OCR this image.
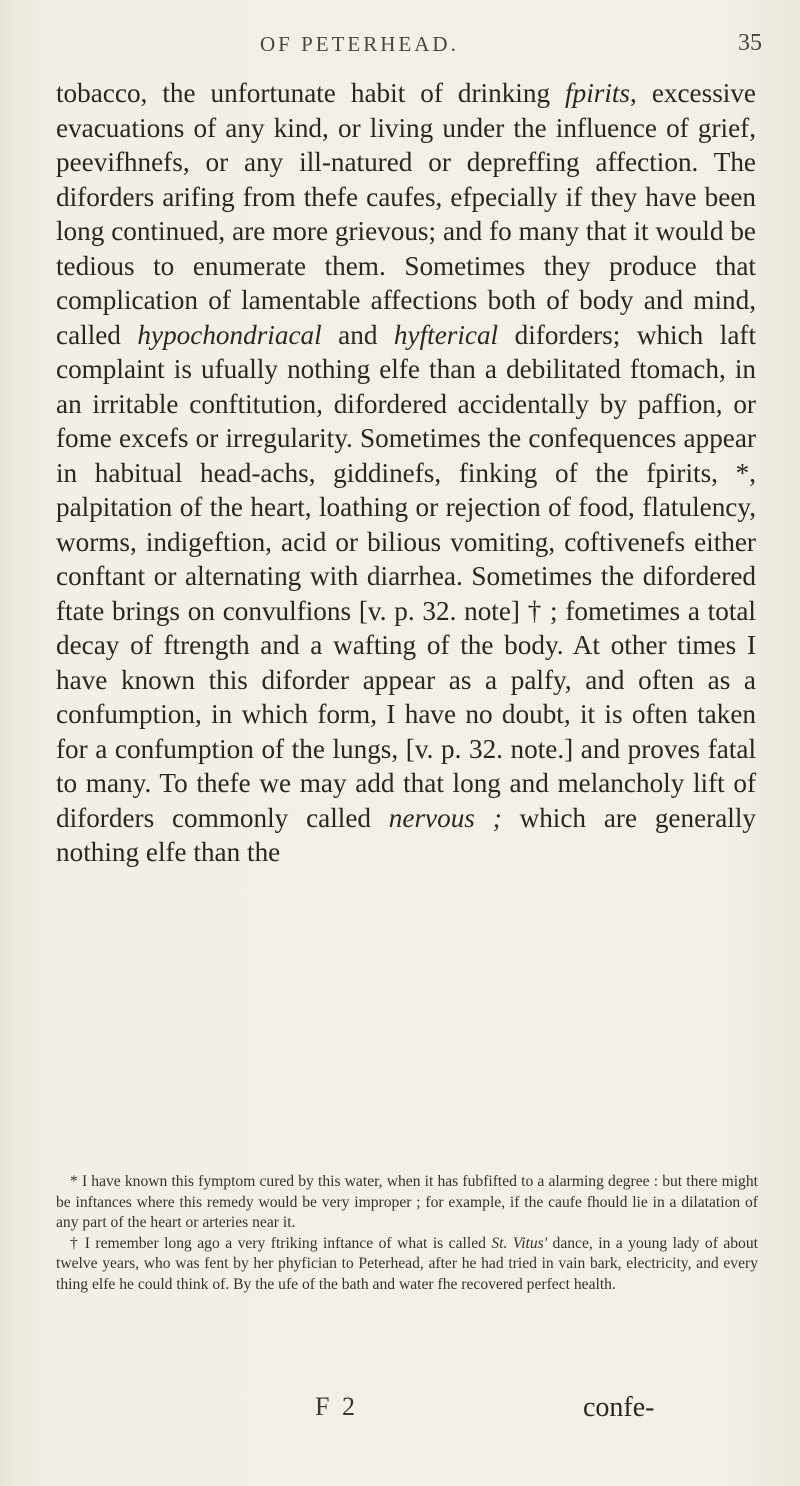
OF PETERHEAD.	35

tobacco, the unfortunate habit of drinking fpirits, excessive evacuations of any kind, or living under the influence of grief, peevifhnefs, or any ill-natured or depreffing affection. The diforders arifing from thefe caufes, efpecially if they have been long continued, are more grievous; and fo many that it would be tedious to enumerate them. Sometimes they produce that complication of lamentable affections both of body and mind, called hypochondriacal and hyfterical diforders; which laft complaint is ufually nothing elfe than a debilitated ftomach, in an irritable conftitution, difordered accidentally by paffion, or fome excefs or irregularity. Sometimes the confequences appear in habitual head-achs, giddinefs, finking of the fpirits, *, palpitation of the heart, loathing or rejection of food, flatulency, worms, indigeftion, acid or bilious vomiting, coftivenefs either conftant or alternating with diarrhea. Sometimes the difordered ftate brings on convulfions [v. p. 32. note] † ; fometimes a total decay of ftrength and a wafting of the body. At other times I have known this diforder appear as a palfy, and often as a confumption, in which form, I have no doubt, it is often taken for a confumption of the lungs, [v. p. 32. note.] and proves fatal to many. To thefe we may add that long and melancholy lift of diforders commonly called nervous ; which are generally nothing elfe than the

* I have known this fymptom cured by this water, when it has fubfifted to a alarming degree : but there might be inftances where this remedy would be very improper ; for example, if the caufe fhould lie in a dilatation of any part of the heart or arteries near it.

† I remember long ago a very ftriking inftance of what is called St. Vitus' dance, in a young lady of about twelve years, who was fent by her phyfician to Peterhead, after he had tried in vain bark, electricity, and every thing elfe he could think of. By the ufe of the bath and water fhe recovered perfect health.

F 2	confe-
